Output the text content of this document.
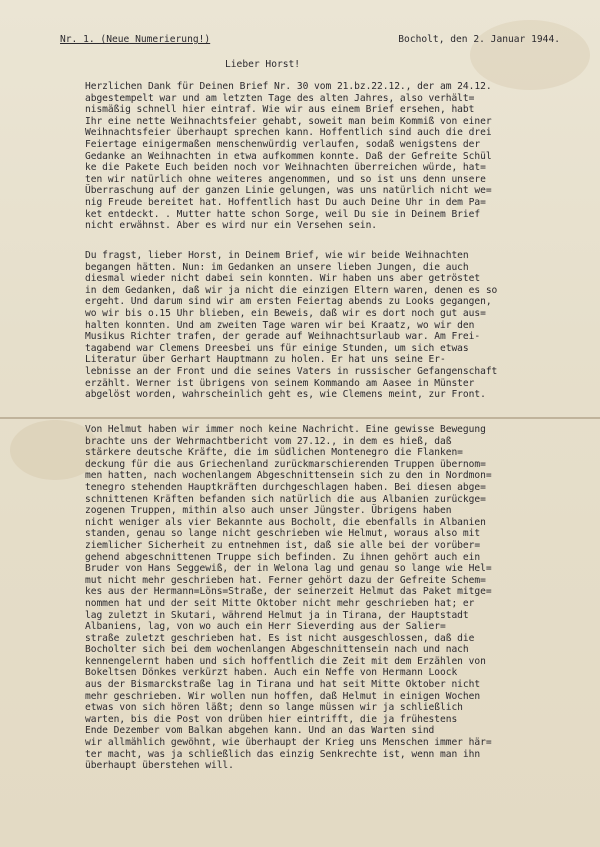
Nr. 1. (Neue Numerierung!)	Bocholt, den 2. Januar 1944.
Lieber Horst!
Herzlichen Dank für Deinen Brief Nr. 30 vom 21.bz.22.12., der am 24.12.
abgestempelt war und am letzten Tage des alten Jahres, also verhält=
nismäßig schnell hier eintraf. Wie wir aus einem Brief ersehen, habt
Ihr eine nette Weihnachtsfeier gehabt, soweit man beim Kommiß von einer
Weihnachtsfeier überhaupt sprechen kann. Hoffentlich sind auch die drei
Feiertage einigermaßen menschenwürdig verlaufen, sodaß wenigstens der
Gedanke an Weihnachten in etwa aufkommen konnte. Daß der Gefreite Schül
ke die Pakete Euch beiden noch vor Weihnachten überreichen würde, hat=
ten wir natürlich ohne weiteres angenommen, und so ist uns denn unsere
Überraschung auf der ganzen Linie gelungen, was uns natürlich nicht we=
nig Freude bereitet hat. Hoffentlich hast Du auch Deine Uhr in dem Pa=
ket entdeckt. . Mutter hatte schon Sorge, weil Du sie in Deinem Brief
nicht erwähnst. Aber es wird nur ein Versehen sein.
Du fragst, lieber Horst, in Deinem Brief, wie wir beide Weihnachten
begangen hätten. Nun: im Gedanken an unsere lieben Jungen, die auch
diesmal wieder nicht dabei sein konnten. Wir haben uns aber getröstet
in dem Gedanken, daß wir ja nicht die einzigen Eltern waren, denen es so
ergeht. Und darum sind wir am ersten Feiertag abends zu Looks gegangen,
wo wir bis o.15 Uhr blieben, ein Beweis, daß wir es dort noch gut aus=
halten konnten. Und am zweiten Tage waren wir bei Kraatz, wo wir den
Musikus Richter trafen, der gerade auf Weihnachtsurlaub war. Am Frei-
tagabend war Clemens Dreesbei uns für einige Stunden, um sich etwas
Literatur über Gerhart Hauptmann zu holen. Er hat uns seine Er-
lebnisse an der Front und die seines Vaters in russischer Gefangenschaft
erzählt. Werner ist übrigens von seinem Kommando am Aasee in Münster
abgelöst worden, wahrscheinlich geht es, wie Clemens meint, zur Front.
Von Helmut haben wir immer noch keine Nachricht. Eine gewisse Bewegung
brachte uns der Wehrmachtbericht vom 27.12., in dem es hieß, daß
stärkere deutsche Kräfte, die im südlichen Montenegro die Flanken=
deckung für die aus Griechenland zurückmarschierenden Truppen übernom=
men hatten, nach wochenlangem Abgeschnittensein sich zu den in Nordmon=
tenegro stehenden Hauptkräften durchgeschlagen haben. Bei diesen abge=
schnittenen Kräften befanden sich natürlich die aus Albanien zurückge=
zogenen Truppen, mithin also auch unser Jüngster. Übrigens haben
nicht weniger als vier Bekannte aus Bocholt, die ebenfalls in Albanien
standen, genau so lange nicht geschrieben wie Helmut, woraus also mit
ziemlicher Sicherheit zu entnehmen ist, daß sie alle bei der vorüber=
gehend abgeschnittenen Truppe sich befinden. Zu ihnen gehört auch ein
Bruder von Hans Seggewiß, der in Welona lag und genau so lange wie Hel=
mut nicht mehr geschrieben hat. Ferner gehört dazu der Gefreite Schem=
kes aus der Hermann=Löns=Straße, der seinerzeit Helmut das Paket mitge=
nommen hat und der seit Mitte Oktober nicht mehr geschrieben hat; er
lag zuletzt in Skutari, während Helmut ja in Tirana, der Hauptstadt
Albaniens, lag, von wo auch ein Herr Sieverding aus der Salier=
straße zuletzt geschrieben hat. Es ist nicht ausgeschlossen, daß die
Bocholter sich bei dem wochenlangen Abgeschnittensein nach und nach
kennengelernt haben und sich hoffentlich die Zeit mit dem Erzählen von
Bokeltsen Dönkes verkürzt haben. Auch ein Neffe von Hermann Loock
aus der Bismarckstraße lag in Tirana und hat seit Mitte Oktober nicht
mehr geschrieben. Wir wollen nun hoffen, daß Helmut in einigen Wochen
etwas von sich hören läßt; denn so lange müssen wir ja schließlich
warten, bis die Post von drüben hier eintrifft, die ja frühestens
Ende Dezember vom Balkan abgehen kann. Und an das Warten sind
wir allmählich gewöhnt, wie überhaupt der Krieg uns Menschen immer här=
ter macht, was ja schließlich das einzig Senkrechte ist, wenn man ihn
überhaupt überstehen will.
